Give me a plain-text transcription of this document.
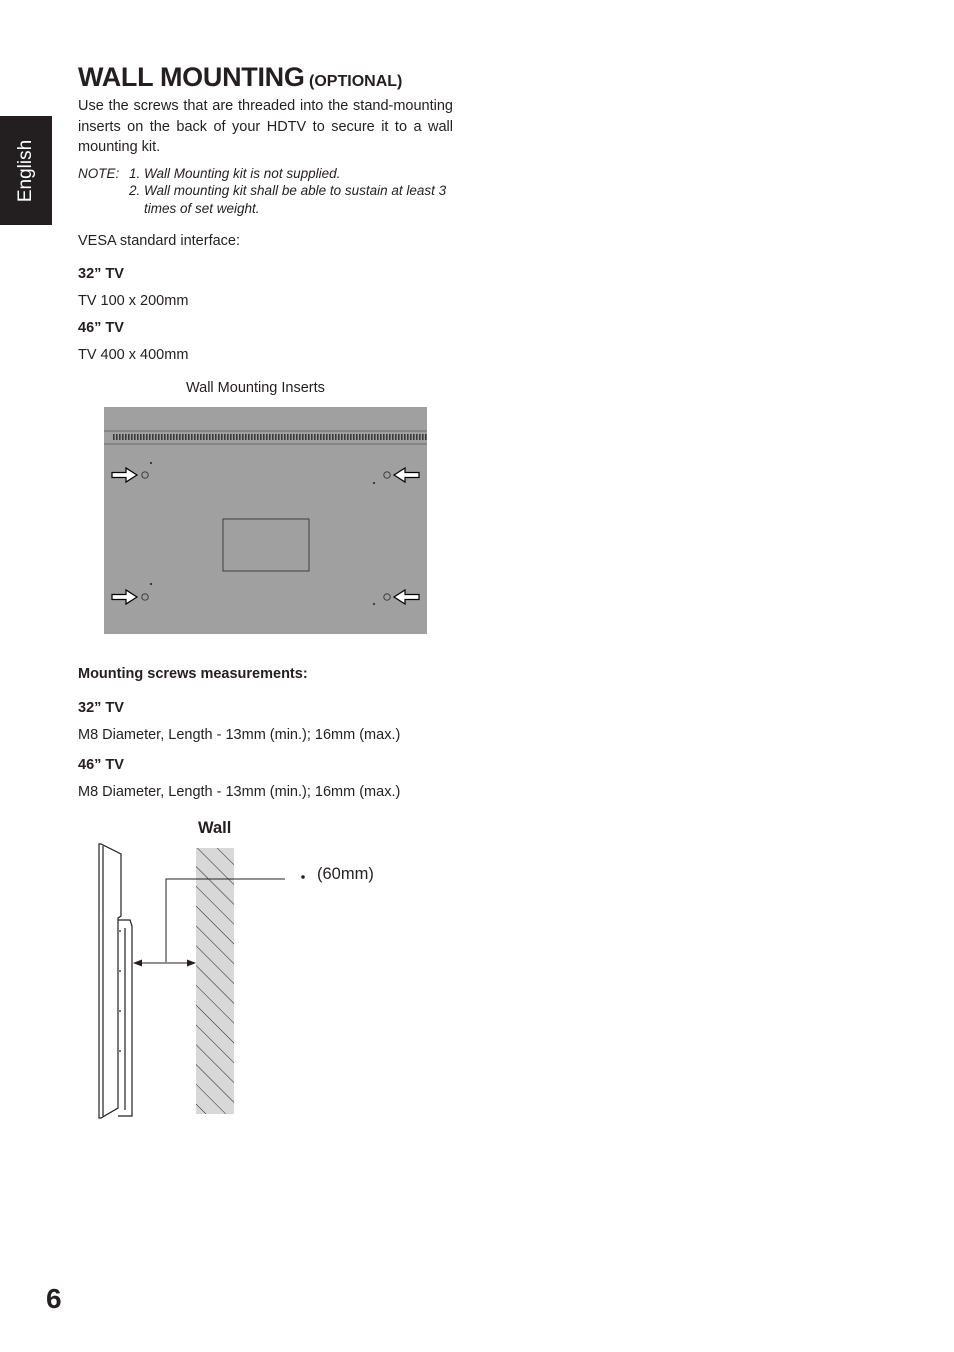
English
WALL MOUNTING (OPTIONAL)
Use the screws that are threaded into the stand-mounting inserts on the back of your HDTV to secure it to a wall mounting kit.
NOTE: 1. Wall Mounting kit is not supplied.
2. Wall mounting kit shall be able to sustain at least 3
times of set weight.
VESA standard interface:
32” TV
TV 100 x 200mm
46” TV
TV 400 x 400mm
Wall Mounting Inserts
Mounting screws measurements:
32” TV
M8 Diameter, Length - 13mm (min.); 16mm (max.)
46” TV
M8 Diameter, Length - 13mm (min.); 16mm (max.)
Wall
(60mm)
6
